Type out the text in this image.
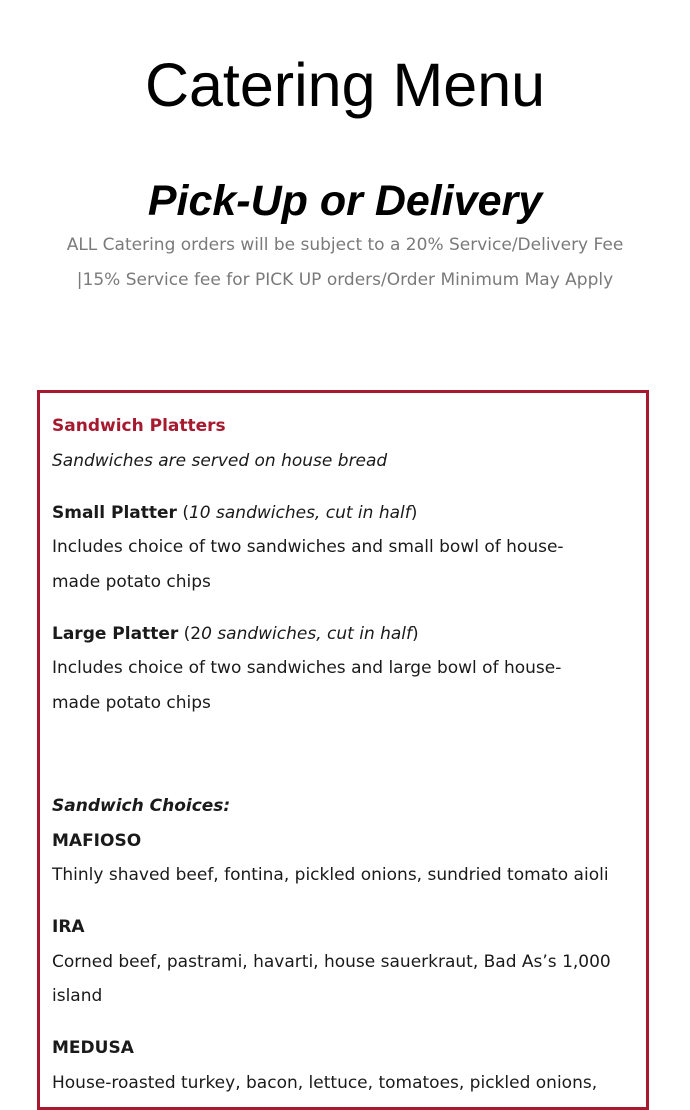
Catering Menu
Pick-Up or Delivery

ALL Catering orders will be subject to a 20% Service/Delivery Fee |15% Service fee for PICK UP orders/Order Minimum May Apply

Sandwich Platters

Sandwiches are served on house bread

Small Platter (10 sandwiches, cut in half)

Includes choice of two sandwiches and small bowl of house-

made potato chips

Large Platter (20 sandwiches, cut in half)

Includes choice of two sandwiches and large bowl of house-

made potato chips

Sandwich Choices:

MAFIOSO

Thinly shaved beef, fontina, pickled onions, sundried tomato aioli

IRA

Corned beef, pastrami, havarti, house sauerkraut, Bad As’s 1,000

island

MEDUSA

House-roasted turkey, bacon, lettuce, tomatoes, pickled onions,
